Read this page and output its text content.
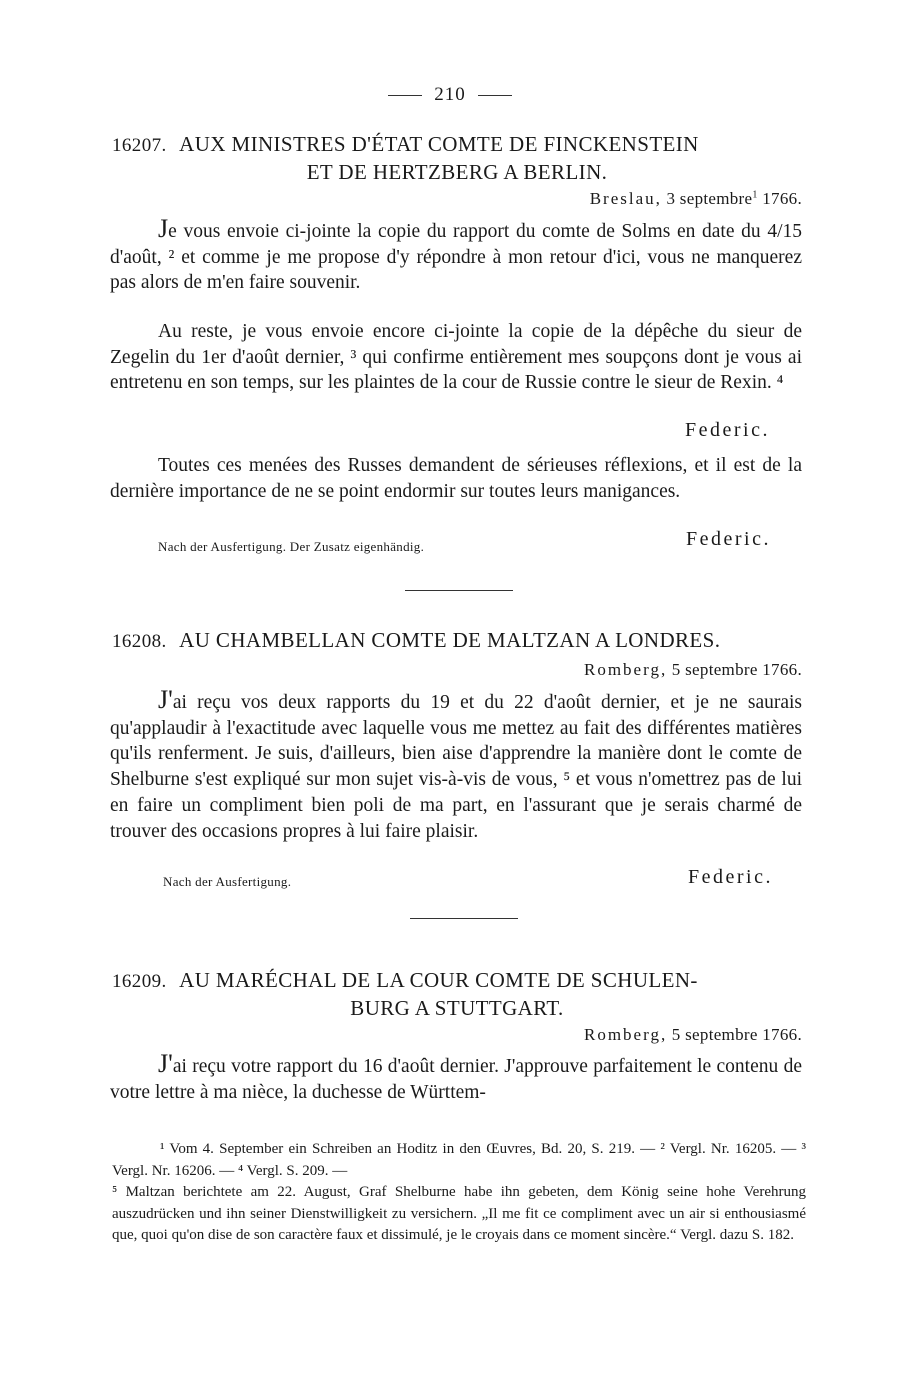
210
16207. AUX MINISTRES D'ÉTAT COMTE DE FINCKENSTEIN
ET DE HERTZBERG A BERLIN.
Breslau, 3 septembre$^1$ 1766.

Je vous envoie ci-jointe la copie du rapport du comte de Solms en date du 4/15 d'août, ² et comme je me propose d'y répondre à mon retour d'ici, vous ne manquerez pas alors de m'en faire souvenir.

Au reste, je vous envoie encore ci-jointe la copie de la dépêche du sieur de Zegelin du 1er d'août dernier, ³ qui confirme entièrement mes soupçons dont je vous ai entretenu en son temps, sur les plaintes de la cour de Russie contre le sieur de Rexin. ⁴

Federic.

Toutes ces menées des Russes demandent de sérieuses réflexions, et il est de la dernière importance de ne se point endormir sur toutes leurs manigances.

Nach der Ausfertigung. Der Zusatz eigenhändig.	Federic.
16208. AU CHAMBELLAN COMTE DE MALTZAN A LONDRES.
Romberg, 5 septembre 1766.

J'ai reçu vos deux rapports du 19 et du 22 d'août dernier, et je ne saurais qu'applaudir à l'exactitude avec laquelle vous me mettez au fait des différentes matières qu'ils renferment. Je suis, d'ailleurs, bien aise d'apprendre la manière dont le comte de Shelburne s'est expliqué sur mon sujet vis-à-vis de vous, ⁵ et vous n'omettrez pas de lui en faire un compliment bien poli de ma part, en l'assurant que je serais charmé de trouver des occasions propres à lui faire plaisir.

Nach der Ausfertigung.	Federic.
16209. AU MARÉCHAL DE LA COUR COMTE DE SCHULEN-
BURG A STUTTGART.
Romberg, 5 septembre 1766.

J'ai reçu votre rapport du 16 d'août dernier. J'approuve parfaitement le contenu de votre lettre à ma nièce, la duchesse de Württem-

¹ Vom 4. September ein Schreiben an Hoditz in den Œuvres, Bd. 20, S. 219. — ² Vergl. Nr. 16205. — ³ Vergl. Nr. 16206. — ⁴ Vergl. S. 209. —

⁵ Maltzan berichtete am 22. August, Graf Shelburne habe ihn gebeten, dem König seine hohe Verehrung auszudrücken und ihn seiner Dienstwilligkeit zu versichern. „Il me fit ce compliment avec un air si enthousiasmé que, quoi qu'on dise de son caractère faux et dissimulé, je le croyais dans ce moment sincère.“ Vergl. dazu S. 182.
